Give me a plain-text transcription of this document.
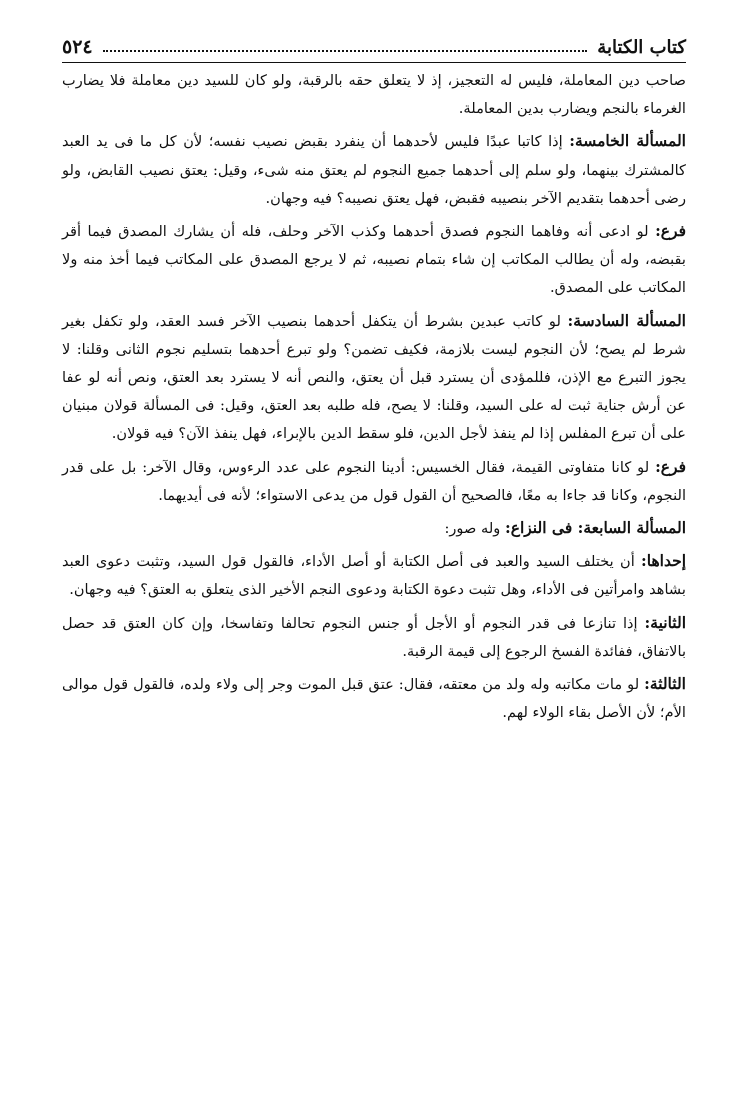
كتاب الكتابة
٥٢٤

صاحب دين المعاملة، فليس له التعجيز، إذ لا يتعلق حقه بالرقبة، ولو كان للسيد دين معاملة فلا يضارب الغرماء بالنجم ويضارب بدين المعاملة.

المسألة الخامسة: إذا كاتبا عبدًا فليس لأحدهما أن ينفرد بقبض نصيب نفسه؛ لأن كل ما فى يد العبد كالمشترك بينهما، ولو سلم إلى أحدهما جميع النجوم لم يعتق منه شىء، وقيل: يعتق نصيب القابض، ولو رضى أحدهما بتقديم الآخر بنصيبه فقبض، فهل يعتق نصيبه؟ فيه وجهان.

فرع: لو ادعى أنه وفاهما النجوم فصدق أحدهما وكذب الآخر وحلف، فله أن يشارك المصدق فيما أقر بقبضه، وله أن يطالب المكاتب إن شاء بتمام نصيبه، ثم لا يرجع المصدق على المكاتب فيما أخذ منه ولا المكاتب على المصدق.

المسألة السادسة: لو كاتب عبدين بشرط أن يتكفل أحدهما بنصيب الآخر فسد العقد، ولو تكفل بغير شرط لم يصح؛ لأن النجوم ليست بلازمة، فكيف تضمن؟ ولو تبرع أحدهما بتسليم نجوم الثانى وقلنا: لا يجوز التبرع مع الإذن، فللمؤدى أن يسترد قبل أن يعتق، والنص أنه لا يسترد بعد العتق، ونص أنه لو عفا عن أرش جناية ثبت له على السيد، وقلنا: لا يصح، فله طلبه بعد العتق، وقيل: فى المسألة قولان مبنيان على أن تبرع المفلس إذا لم ينفذ لأجل الدين، فلو سقط الدين بالإبراء، فهل ينفذ الآن؟ فيه قولان.

فرع: لو كانا متفاوتى القيمة، فقال الخسيس: أدينا النجوم على عدد الرءوس، وقال الآخر: بل على قدر النجوم، وكانا قد جاءا به معًا، فالصحيح أن القول قول من يدعى الاستواء؛ لأنه فى أيديهما.

المسألة السابعة: فى النزاع: وله صور:

إحداها: أن يختلف السيد والعبد فى أصل الكتابة أو أصل الأداء، فالقول قول السيد، وتثبت دعوى العبد بشاهد وامرأتين فى الأداء، وهل تثبت دعوة الكتابة ودعوى النجم الأخير الذى يتعلق به العتق؟ فيه وجهان.

الثانية: إذا تنازعا فى قدر النجوم أو الأجل أو جنس النجوم تحالفا وتفاسخا، وإن كان العتق قد حصل بالاتفاق، ففائدة الفسخ الرجوع إلى قيمة الرقبة.

الثالثة: لو مات مكاتبه وله ولد من معتقه، فقال: عتق قبل الموت وجر إلى ولاء ولده، فالقول قول موالى الأم؛ لأن الأصل بقاء الولاء لهم.
